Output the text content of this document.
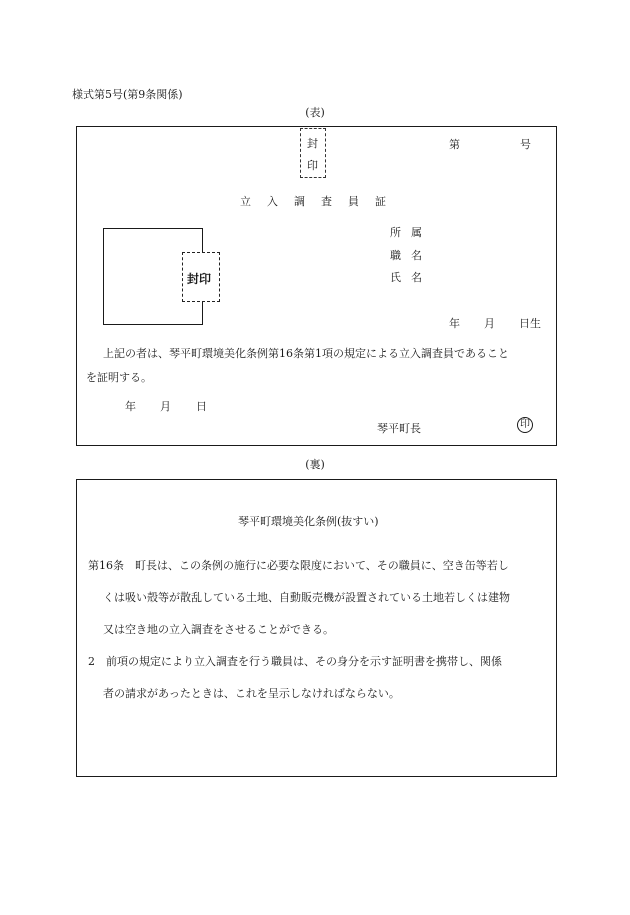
様式第5号(第9条関係)
(表)
封
印
第	号
立入調査員証
封印
所属
職名
氏名
年 月 日生
上記の者は、琴平町環境美化条例第16条第1項の規定による立入調査員であること
を証明する。
年 月 日
琴平町長	印
(裏)
琴平町環境美化条例(抜すい)
第16条　町長は、この条例の施行に必要な限度において、その職員に、空き缶等若し
くは吸い殻等が散乱している土地、自動販売機が設置されている土地若しくは建物
又は空き地の立入調査をさせることができる。
2　前項の規定により立入調査を行う職員は、その身分を示す証明書を携帯し、関係
者の請求があったときは、これを呈示しなければならない。
